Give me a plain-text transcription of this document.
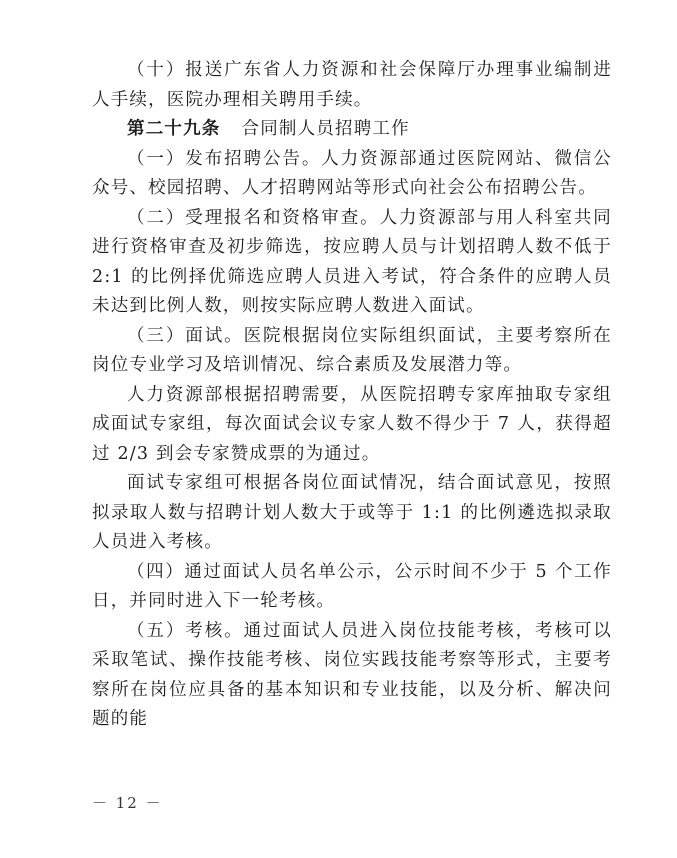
（十）报送广东省人力资源和社会保障厅办理事业编制进人手续，医院办理相关聘用手续。

第二十九条 合同制人员招聘工作

（一）发布招聘公告。人力资源部通过医院网站、微信公众号、校园招聘、人才招聘网站等形式向社会公布招聘公告。

（二）受理报名和资格审查。人力资源部与用人科室共同进行资格审查及初步筛选，按应聘人员与计划招聘人数不低于 2:1 的比例择优筛选应聘人员进入考试，符合条件的应聘人员未达到比例人数，则按实际应聘人数进入面试。

（三）面试。医院根据岗位实际组织面试，主要考察所在岗位专业学习及培训情况、综合素质及发展潜力等。

人力资源部根据招聘需要，从医院招聘专家库抽取专家组成面试专家组，每次面试会议专家人数不得少于 7 人，获得超过 2/3 到会专家赞成票的为通过。

面试专家组可根据各岗位面试情况，结合面试意见，按照拟录取人数与招聘计划人数大于或等于 1:1 的比例遴选拟录取人员进入考核。

（四）通过面试人员名单公示，公示时间不少于 5 个工作日，并同时进入下一轮考核。

（五）考核。通过面试人员进入岗位技能考核，考核可以采取笔试、操作技能考核、岗位实践技能考察等形式，主要考察所在岗位应具备的基本知识和专业技能，以及分析、解决问题的能

－ 12 －
